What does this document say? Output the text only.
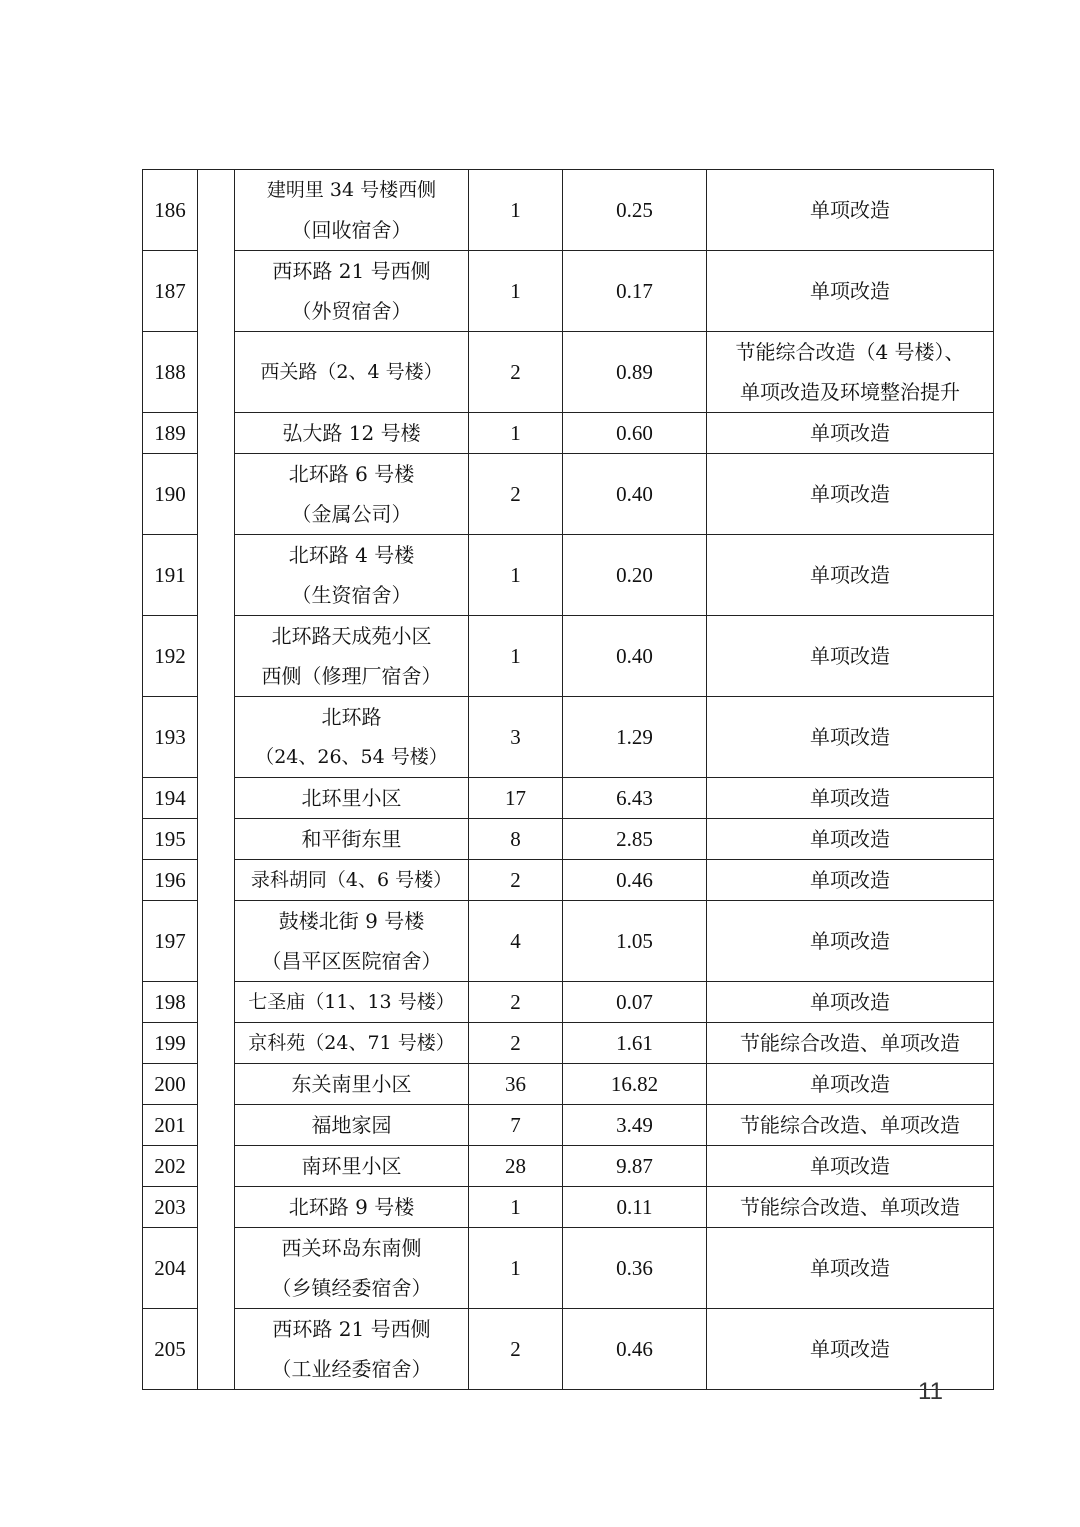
186		建明里 34 号楼西侧
（回收宿舍）	1	0.25	单项改造

187		西环路 21 号西侧
（外贸宿舍）	1	0.17	单项改造

188		西关路（2、4 号楼）	2	0.89	节能综合改造（4 号楼）、
单项改造及环境整治提升

189		弘大路 12 号楼	1	0.60	单项改造

190		北环路 6 号楼
（金属公司）	2	0.40	单项改造

191		北环路 4 号楼
（生资宿舍）	1	0.20	单项改造

192		北环路天成苑小区
西侧（修理厂宿舍）	1	0.40	单项改造

193		北环路
（24、26、54 号楼）	3	1.29	单项改造

194		北环里小区	17	6.43	单项改造

195		和平街东里	8	2.85	单项改造

196		录科胡同（4、6 号楼）	2	0.46	单项改造

197		鼓楼北街 9 号楼
（昌平区医院宿舍）	4	1.05	单项改造

198		七圣庙（11、13 号楼）	2	0.07	单项改造

199		京科苑（24、71 号楼）	2	1.61	节能综合改造、单项改造

200		东关南里小区	36	16.82	单项改造

201		福地家园	7	3.49	节能综合改造、单项改造

202		南环里小区	28	9.87	单项改造

203		北环路 9 号楼	1	0.11	节能综合改造、单项改造

204		西关环岛东南侧
（乡镇经委宿舍）	1	0.36	单项改造

205		西环路 21 号西侧
（工业经委宿舍）	2	0.46	单项改造
11
